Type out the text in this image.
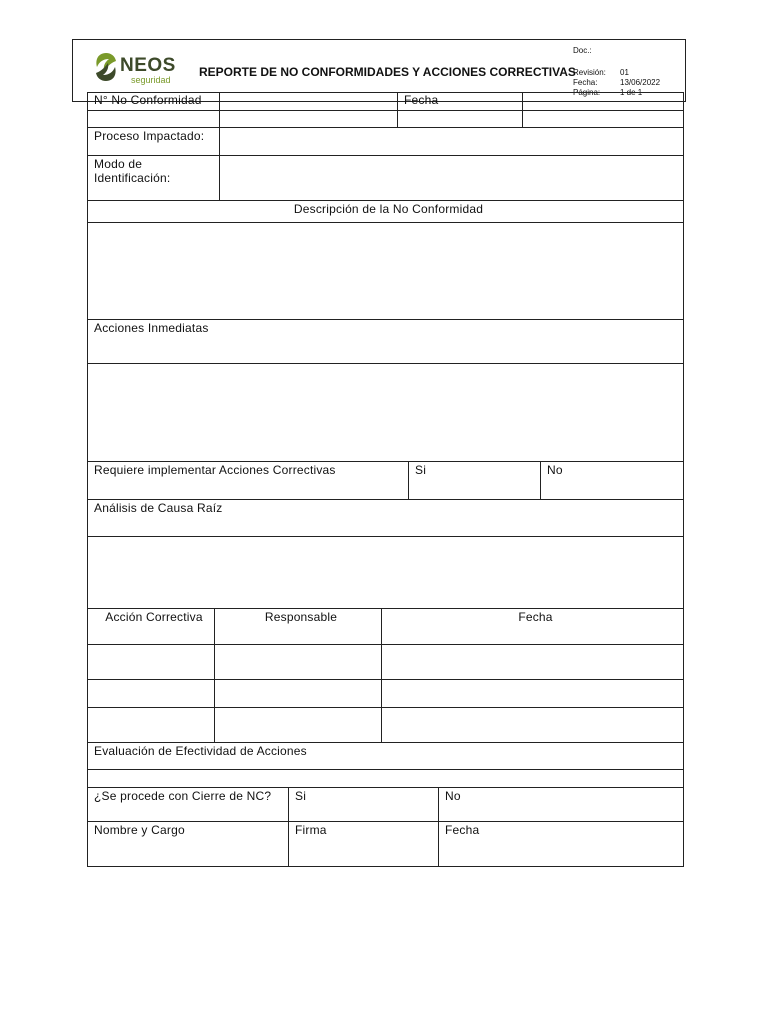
NEOS
seguridad
REPORTE DE NO CONFORMIDADES Y ACCIONES CORRECTIVAS
Doc.:
Revisión: 01
Fecha:	13/06/2022
Página: 1 de 1
N° No Conformidad		Fecha	

Proceso Impactado:			
Modo de Identificación:			
Descripción de la No Conformidad			

Acciones Inmediatas			

Requiere implementar Acciones Correctivas	Si	No
Análisis de Causa Raíz

Acción Correctiva	Responsable	Fecha

Evaluación de Efectividad de Acciones		

¿Se procede con Cierre de NC?	Si	No
Nombre y Cargo	Firma	Fecha
